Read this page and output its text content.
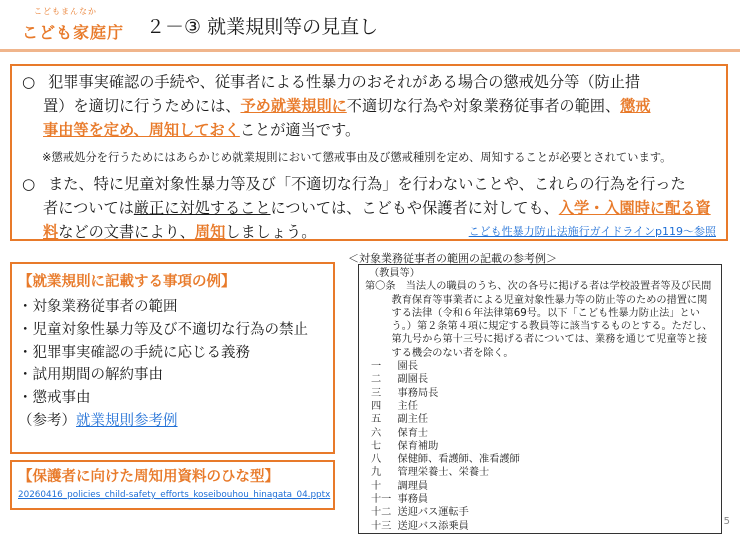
こどもまんなか
こども家庭庁 ２－③ 就業規則等の見直し
○ 犯罪事実確認の手続や、従事者による性暴力のおそれがある場合の懲戒処分等（防止措
置）を適切に行うためには、予め就業規則に不適切な行為や対象業務従事者の範囲、懲戒
事由等を定め、周知しておくことが適当です。
※懲戒処分を行うためにはあらかじめ就業規則において懲戒事由及び懲戒種別を定め、周知することが必要とされています。
○ また、特に児童対象性暴力等及び「不適切な行為」を行わないことや、これらの行為を行った
者については厳正に対処することについては、こどもや保護者に対しても、入学・入園時に配る資
料などの文書により、周知しましょう。	こども性暴力防止法施行ガイドラインp119～参照
【就業規則に記載する事項の例】
・対象業務従事者の範囲
・児童対象性暴力等及び不適切な行為の禁止
・犯罪事実確認の手続に応じる義務
・試用期間の解約事由
・懲戒事由
（参考）就業規則参考例
【保護者に向けた周知用資料のひな型】
20260416_policies_child-safety_efforts_koseibouhou_hinagata_04.pptx
＜対象業務従事者の範囲の記載の参考例＞
（教員等）
第〇条　当法人の職員のうち、次の各号に掲げる者は学校設置者等及び民間教育保育等事業者による児童対象性暴力等の防止等のための措置に関する法律（令和６年法律第69号。以下「こども性暴力防止法」という。）第２条第４項に規定する教員等に該当するものとする。ただし、第九号から第十三号に掲げる者については、業務を通じて児童等と接する機会のない者を除く。
一 園長
二 副園長
三 事務局長
四 主任
五 副主任
六 保育士
七 保育補助
八 保健師、看護師、准看護師
九 管理栄養士、栄養士
十 調理員
十一 事務員
十二 送迎バス運転手
十三 送迎バス添乗員	5
